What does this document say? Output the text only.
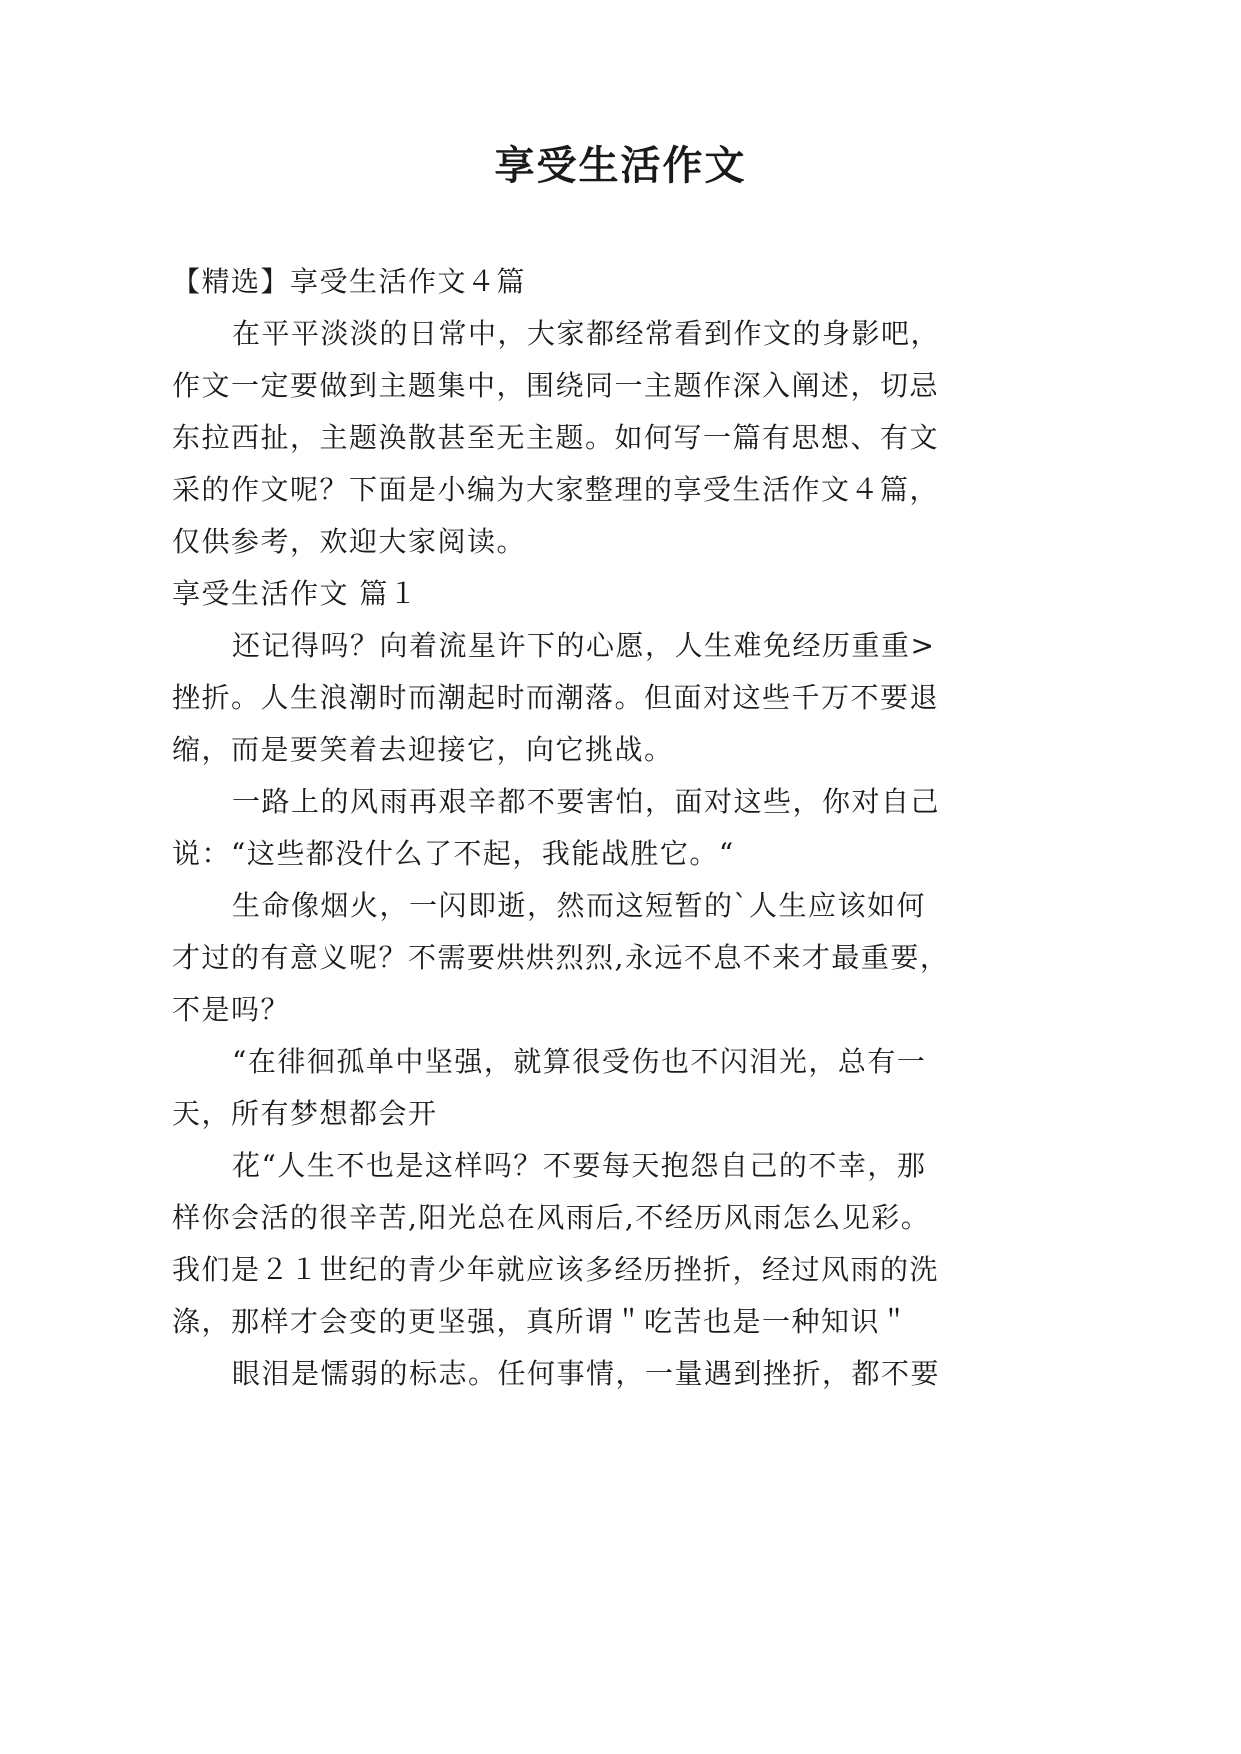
享受生活作文
【精选】享受生活作文４篇
在平平淡淡的日常中，大家都经常看到作文的身影吧，
作文一定要做到主题集中，围绕同一主题作深入阐述，切忌
东拉西扯，主题涣散甚至无主题。如何写一篇有思想、有文
采的作文呢？下面是小编为大家整理的享受生活作文４篇，
仅供参考，欢迎大家阅读。
享受生活作文 篇１
还记得吗？向着流星许下的心愿，人生难免经历重重>
挫折。人生浪潮时而潮起时而潮落。但面对这些千万不要退
缩，而是要笑着去迎接它，向它挑战。
一路上的风雨再艰辛都不要害怕，面对这些，你对自己
说：“这些都没什么了不起，我能战胜它。“
生命像烟火，一闪即逝，然而这短暂的`人生应该如何
才过的有意义呢？不需要烘烘烈烈,永远不息不来才最重要，
不是吗？
“在徘徊孤单中坚强，就算很受伤也不闪泪光，总有一
天，所有梦想都会开
花“人生不也是这样吗？不要每天抱怨自己的不幸，那
样你会活的很辛苦,阳光总在风雨后,不经历风雨怎么见彩。
我们是２１世纪的青少年就应该多经历挫折，经过风雨的洗
涤，那样才会变的更坚强，真所谓＂吃苦也是一种知识＂
眼泪是懦弱的标志。任何事情，一量遇到挫折，都不要
